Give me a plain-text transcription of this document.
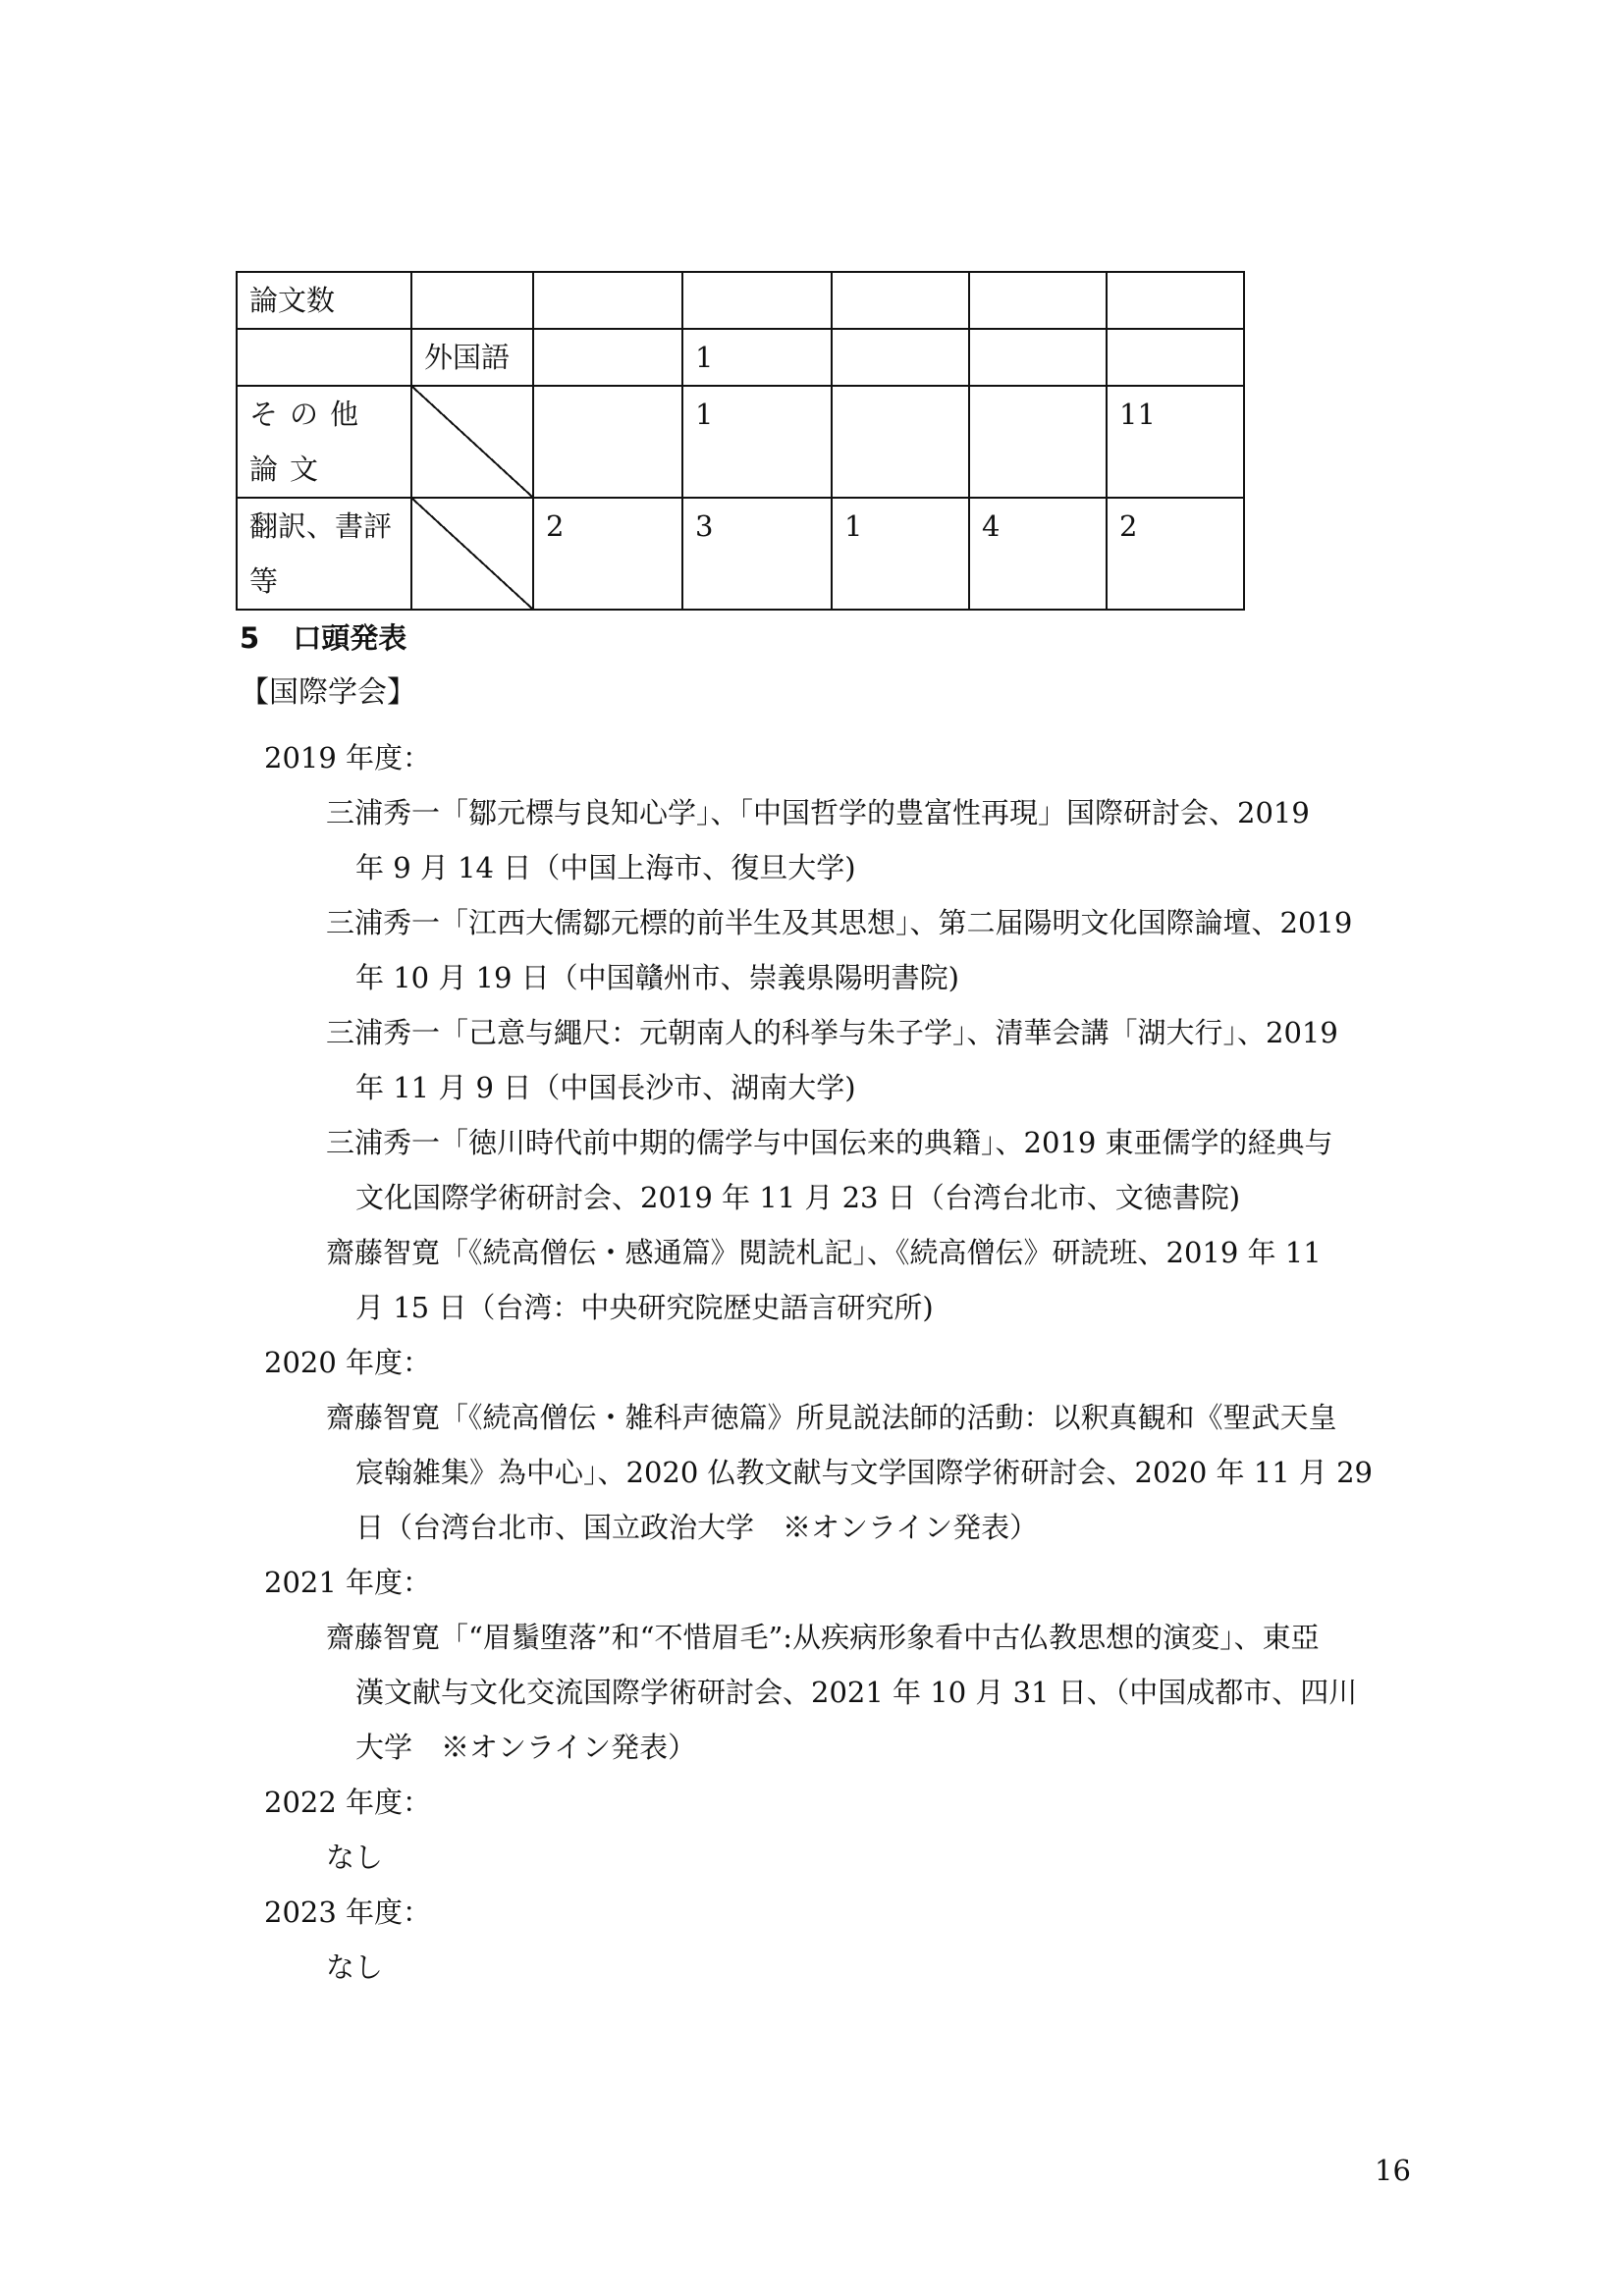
論文数						
	外国語		1			
その他論文			1			11
翻訳、書評等		2	3	1	4	2
5 口頭発表
【国際学会】
2019 年度：
三浦秀一「鄒元標与良知心学」、「中国哲学的豊富性再現」国際研討会、2019
年 9 月 14 日（中国上海市、復旦大学)
三浦秀一「江西大儒鄒元標的前半生及其思想」、第二届陽明文化国際論壇、2019
年 10 月 19 日（中国贛州市、崇義県陽明書院)
三浦秀一「己意与繩尺：元朝南人的科挙与朱子学」、清華会講「湖大行」、2019
年 11 月 9 日（中国長沙市、湖南大学)
三浦秀一「徳川時代前中期的儒学与中国伝来的典籍」、2019 東亜儒学的経典与
文化国際学術研討会、2019 年 11 月 23 日（台湾台北市、文徳書院)
齋藤智寛「《続高僧伝・感通篇》閲読札記」、《続高僧伝》研読班、2019 年 11
月 15 日（台湾：中央研究院歴史語言研究所)
2020 年度：
齋藤智寛「《続高僧伝・雑科声徳篇》所見説法師的活動：以釈真観和《聖武天皇
宸翰雑集》為中心」、2020 仏教文献与文学国際学術研討会、2020 年 11 月 29
日（台湾台北市、国立政治大学　※オンライン発表）
2021 年度：
齋藤智寛「“眉鬚堕落”和“不惜眉毛”:从疾病形象看中古仏教思想的演変」、東亞
漢文献与文化交流国際学術研討会、2021 年 10 月 31 日、（中国成都市、四川
大学　※オンライン発表）
2022 年度：
なし
2023 年度：
なし
16
